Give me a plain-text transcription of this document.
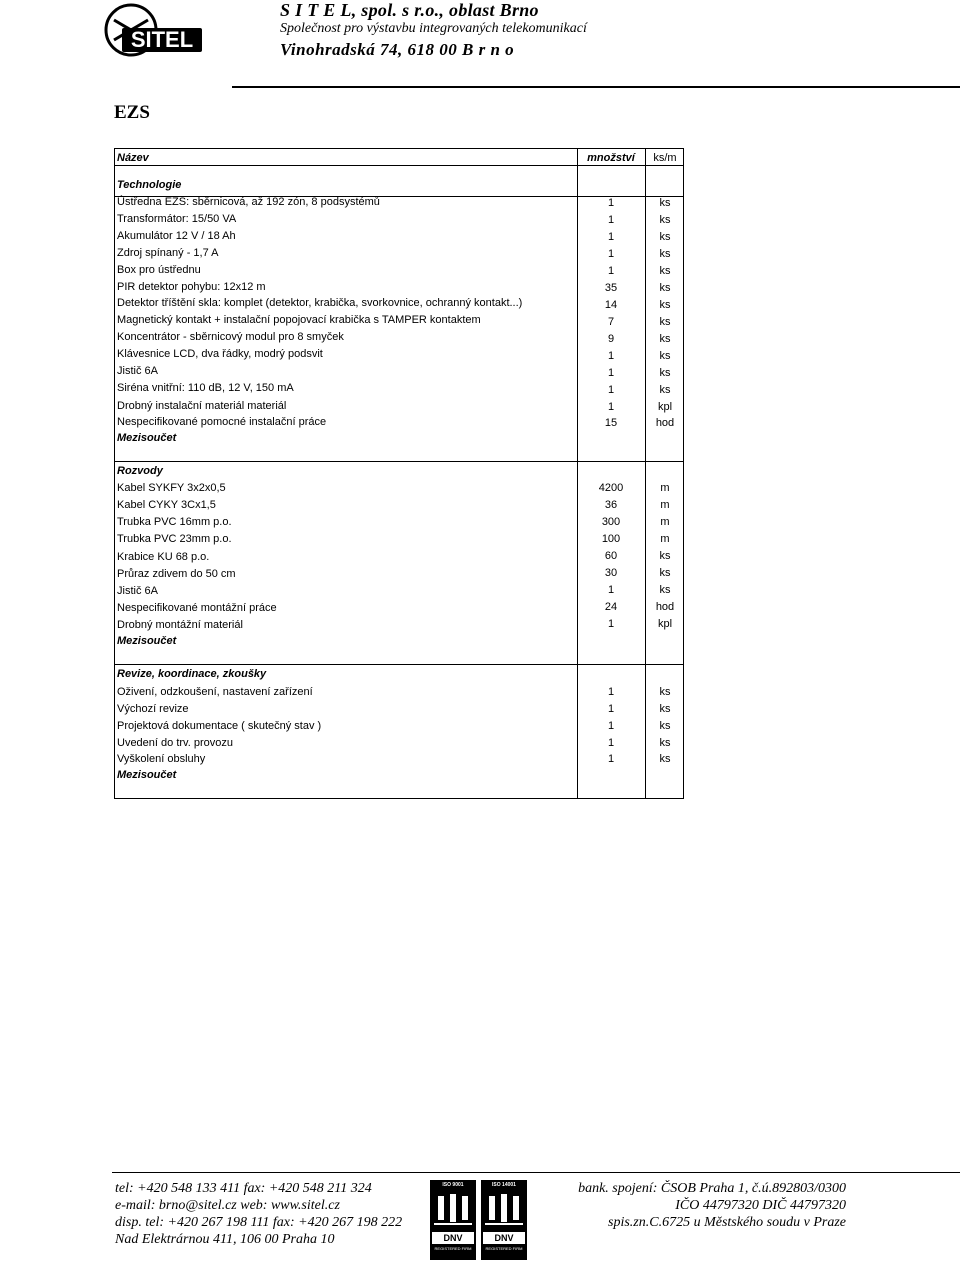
SITEL
S I T E L, spol. s r.o., oblast Brno
Společnost pro výstavbu integrovaných telekomunikací
Vinohradská 74, 618 00 B r n o
EZS
Název	množství	ks/m
Technologie
Ústředna EZS: sběrnicová, až 192 zón, 8 podsystémů	1	ks
Transformátor: 15/50 VA	1	ks
Akumulátor 12 V / 18 Ah	1	ks
Zdroj spínaný - 1,7 A	1	ks
Box pro ústřednu	1	ks
PIR detektor pohybu: 12x12 m	35	ks
Detektor tříštění skla: komplet (detektor, krabička, svorkovnice, ochranný kontakt...)	14	ks
Magnetický kontakt + instalační popojovací krabička s TAMPER kontaktem	7	ks
Koncentrátor - sběrnicový modul pro 8 smyček	9	ks
Klávesnice LCD, dva řádky, modrý podsvit	1	ks
Jistič 6A	1	ks
Siréna vnitřní: 110 dB, 12 V, 150 mA	1	ks
Drobný instalační materiál materiál	1	kpl
Nespecifikované pomocné instalační práce	15	hod
Mezisoučet
Rozvody
Kabel SYKFY 3x2x0,5	4200	m
Kabel CYKY 3Cx1,5	36	m
Trubka PVC 16mm p.o.	300	m
Trubka PVC 23mm p.o.	100	m
Krabice KU 68 p.o.	60	ks
Průraz zdivem do 50 cm	30	ks
Jistič 6A	1	ks
Nespecifikované montážní práce	24	hod
Drobný montážní materiál	1	kpl
Mezisoučet
Revize, koordinace, zkoušky
Oživení, odzkoušení, nastavení zařízení	1	ks
Výchozí revize	1	ks
Projektová dokumentace ( skutečný stav )	1	ks
Uvedení do trv. provozu	1	ks
Vyškolení obsluhy	1	ks
Mezisoučet
tel: +420 548 133 411 fax: +420 548 211 324
e-mail: brno@sitel.cz web: www.sitel.cz
disp. tel: +420 267 198 111 fax: +420 267 198 222
Nad Elektrárnou 411, 106 00 Praha 10
ISO 9001
DNV
REGISTERED FIRM
ISO 14001
DNV
REGISTERED FIRM
bank. spojení: ČSOB Praha 1, č.ú.892803/0300
IČO 44797320 DIČ 44797320
spis.zn.C.6725 u Městského soudu v Praze
